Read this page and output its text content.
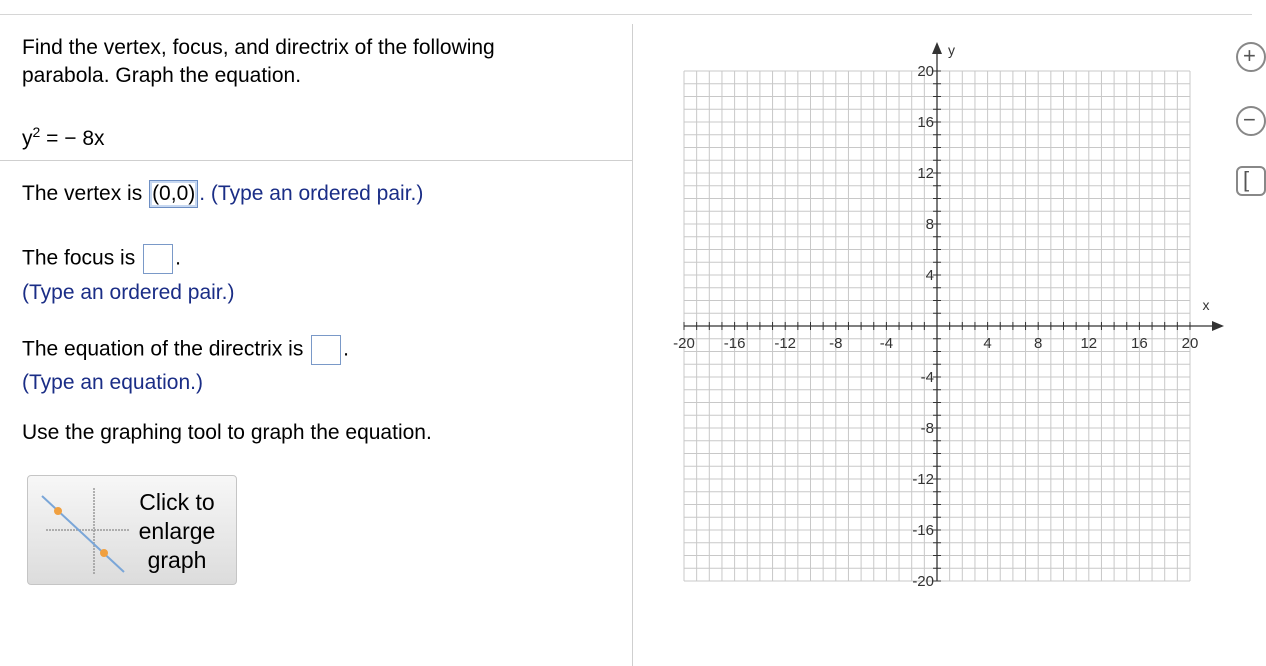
Find the vertex, focus, and directrix of the following parabola. Graph the equation.
$y^2$ = − 8x
The vertex is (0,0) . (Type an ordered pair.)
The focus is .
(Type an ordered pair.)
The equation of the directrix is .
(Type an equation.)
Use the graphing tool to graph the equation.
Click to enlarge graph
-20 -16 -12 -8 -4	4	8	12 16 20
20
16
12
8
4
-4
-8
-12
-16
-20
x
y	+
−
[
